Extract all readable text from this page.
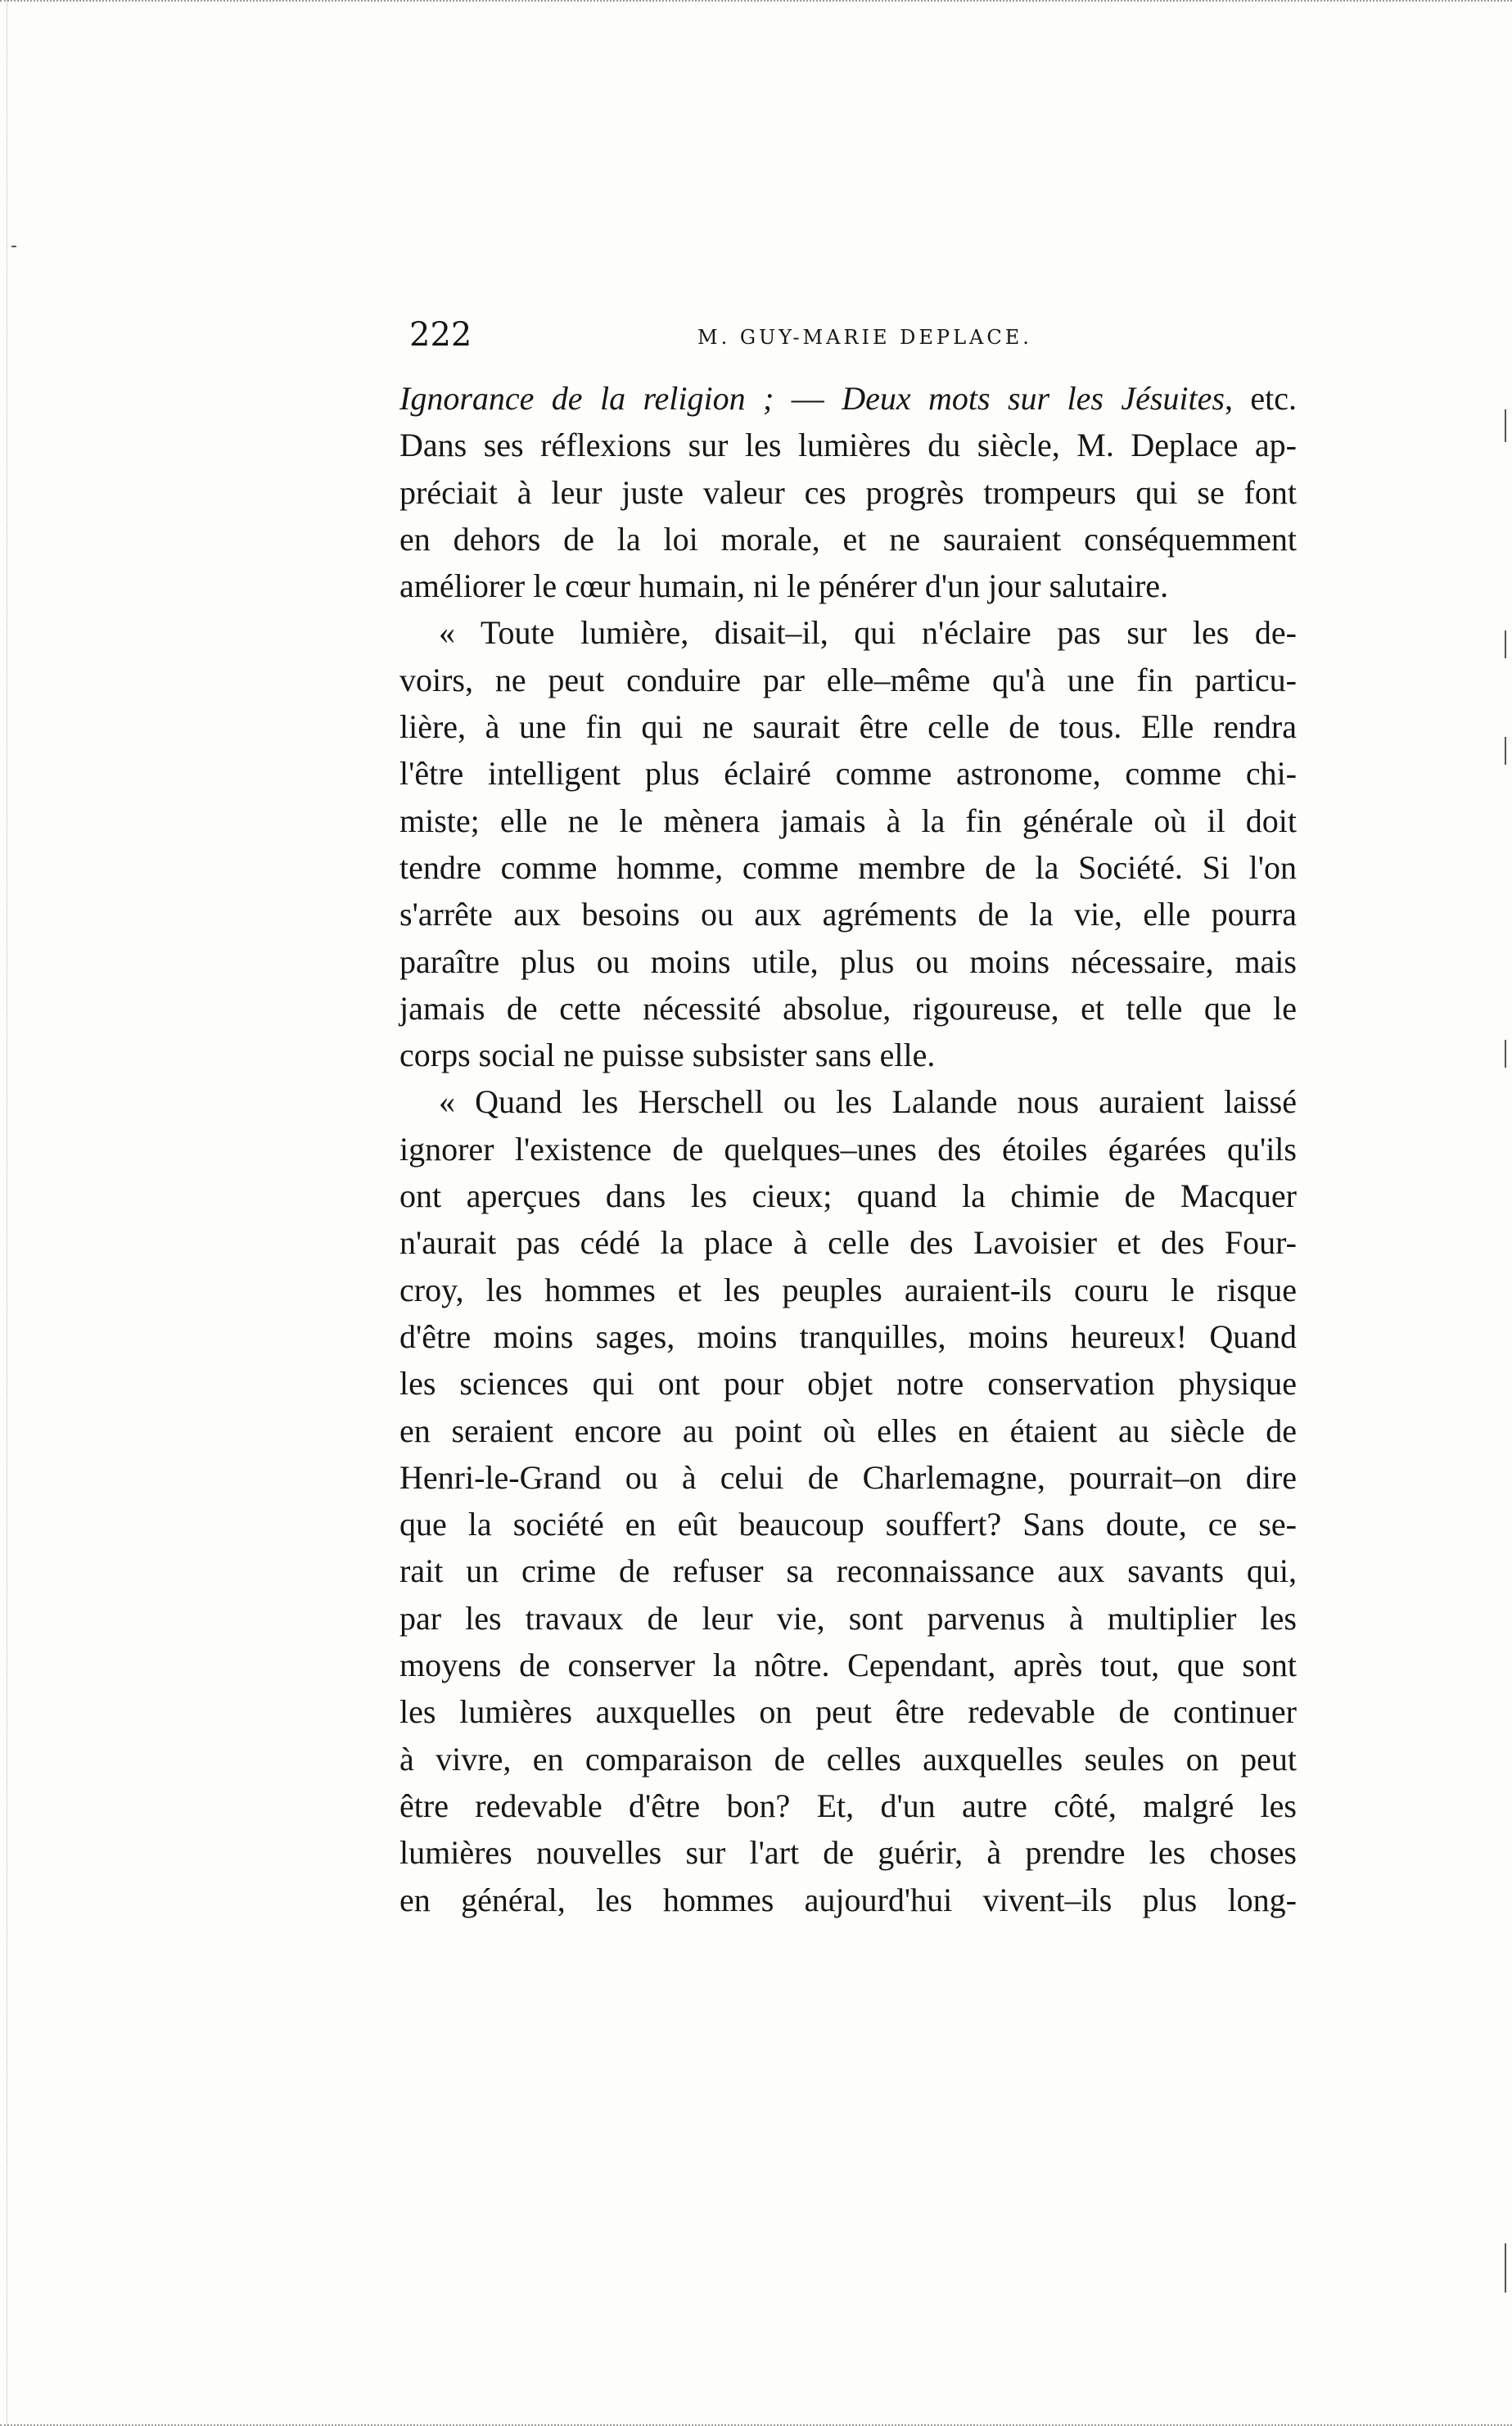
222	M. GUY-MARIE DEPLACE.
Ignorance de la religion ; — Deux mots sur les Jésuites, etc.
Dans ses réflexions sur les lumières du siècle, M. Deplace ap-
préciait à leur juste valeur ces progrès trompeurs qui se font
en dehors de la loi morale, et ne sauraient conséquemment
améliorer le cœur humain, ni le pénérer d'un jour salutaire.
« Toute lumière, disait–il, qui n'éclaire pas sur les de-
voirs, ne peut conduire par elle–même qu'à une fin particu-
lière, à une fin qui ne saurait être celle de tous. Elle rendra
l'être intelligent plus éclairé comme astronome, comme chi-
miste; elle ne le mènera jamais à la fin générale où il doit
tendre comme homme, comme membre de la Société. Si l'on
s'arrête aux besoins ou aux agréments de la vie, elle pourra
paraître plus ou moins utile, plus ou moins nécessaire, mais
jamais de cette nécessité absolue, rigoureuse, et telle que le
corps social ne puisse subsister sans elle.
« Quand les Herschell ou les Lalande nous auraient laissé
ignorer l'existence de quelques–unes des étoiles égarées qu'ils
ont aperçues dans les cieux; quand la chimie de Macquer
n'aurait pas cédé la place à celle des Lavoisier et des Four-
croy, les hommes et les peuples auraient-ils couru le risque
d'être moins sages, moins tranquilles, moins heureux! Quand
les sciences qui ont pour objet notre conservation physique
en seraient encore au point où elles en étaient au siècle de
Henri-le-Grand ou à celui de Charlemagne, pourrait–on dire
que la société en eût beaucoup souffert? Sans doute, ce se-
rait un crime de refuser sa reconnaissance aux savants qui,
par les travaux de leur vie, sont parvenus à multiplier les
moyens de conserver la nôtre. Cependant, après tout, que sont
les lumières auxquelles on peut être redevable de continuer
à vivre, en comparaison de celles auxquelles seules on peut
être redevable d'être bon? Et, d'un autre côté, malgré les
lumières nouvelles sur l'art de guérir, à prendre les choses
en général, les hommes aujourd'hui vivent–ils plus long-
